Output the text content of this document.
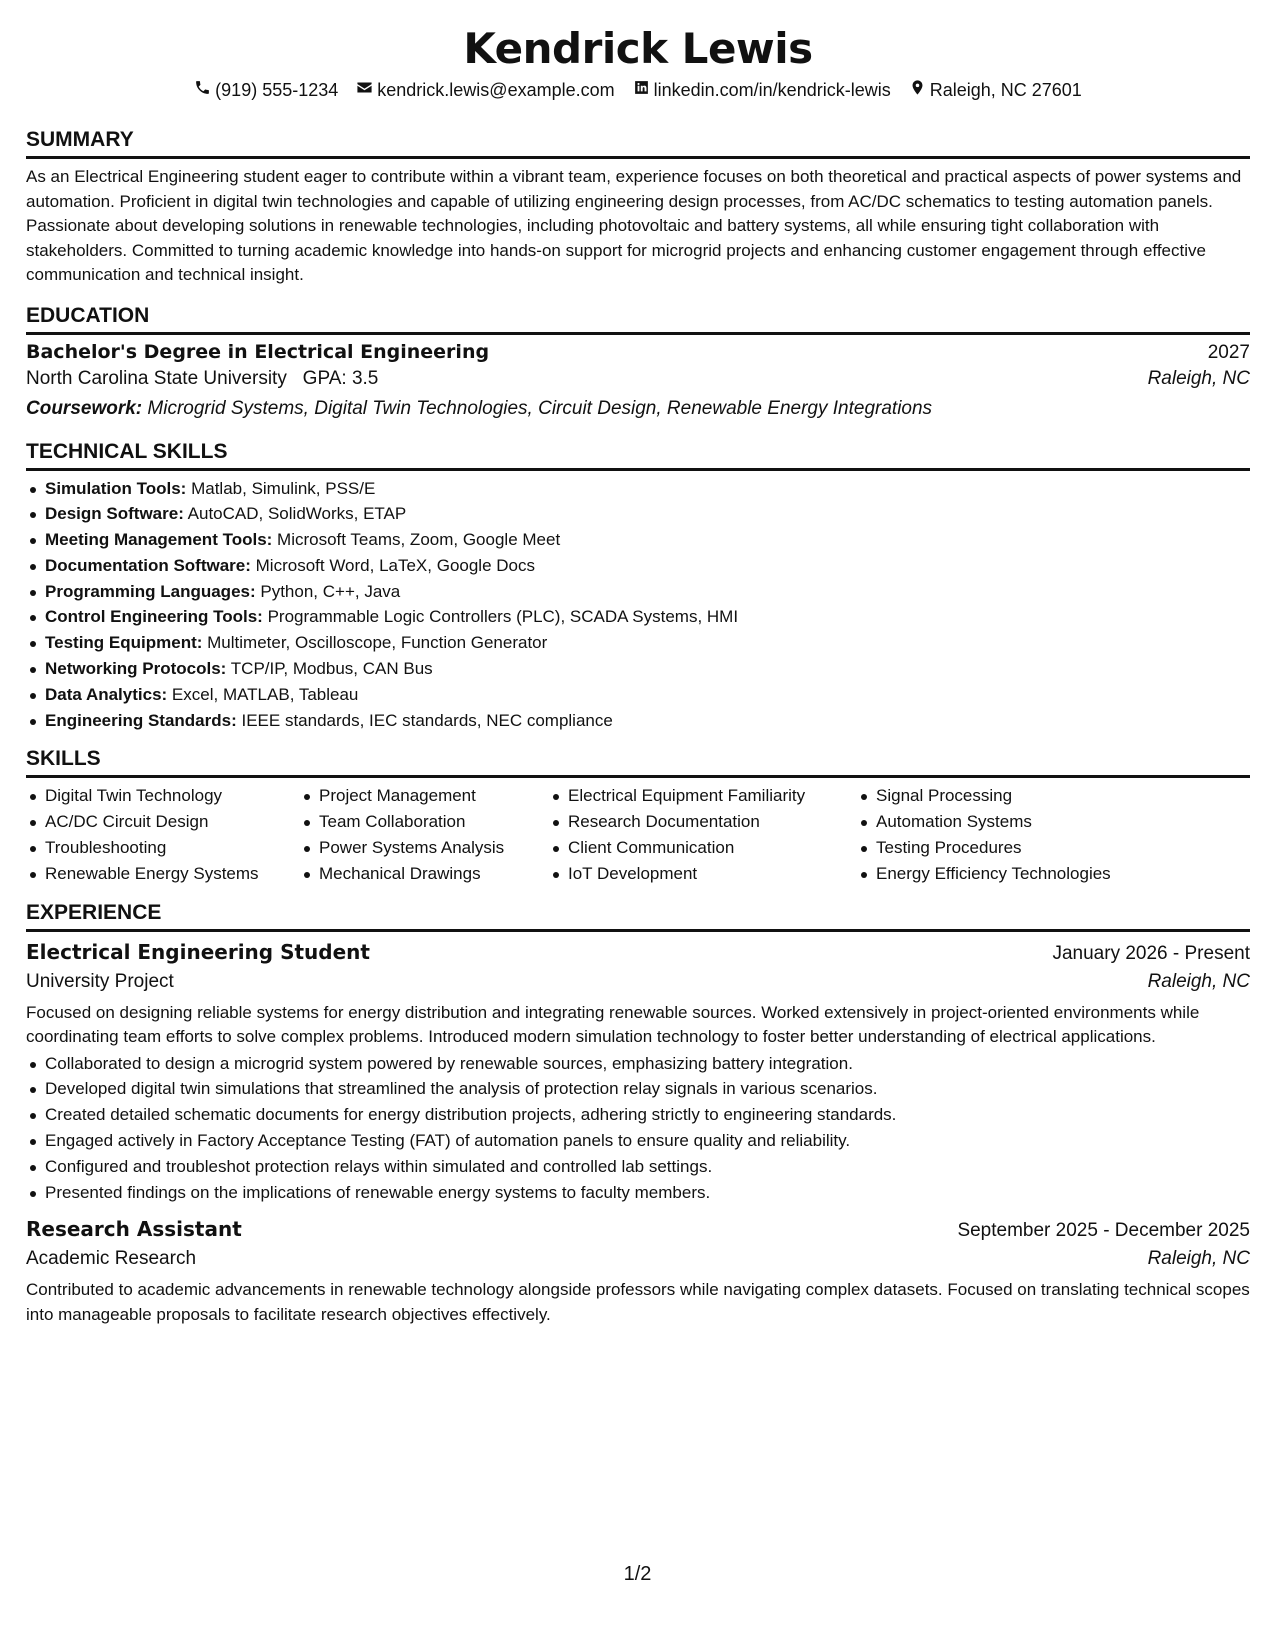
Kendrick Lewis
(919) 555-1234 kendrick.lewis@example.com linkedin.com/in/kendrick-lewis Raleigh, NC 27601
SUMMARY
As an Electrical Engineering student eager to contribute within a vibrant team, experience focuses on both theoretical and practical aspects of power systems and automation. Proficient in digital twin technologies and capable of utilizing engineering design processes, from AC/DC schematics to testing automation panels. Passionate about developing solutions in renewable technologies, including photovoltaic and battery systems, all while ensuring tight collaboration with stakeholders. Committed to turning academic knowledge into hands-on support for microgrid projects and enhancing customer engagement through effective communication and technical insight.
EDUCATION
Bachelor's Degree in Electrical Engineering	2027
North Carolina State University GPA: 3.5	Raleigh, NC
Coursework: Microgrid Systems, Digital Twin Technologies, Circuit Design, Renewable Energy Integrations
TECHNICAL SKILLS
Simulation Tools: Matlab, Simulink, PSS/E
Design Software: AutoCAD, SolidWorks, ETAP
Meeting Management Tools: Microsoft Teams, Zoom, Google Meet
Documentation Software: Microsoft Word, LaTeX, Google Docs
Programming Languages: Python, C++, Java
Control Engineering Tools: Programmable Logic Controllers (PLC), SCADA Systems, HMI
Testing Equipment: Multimeter, Oscilloscope, Function Generator
Networking Protocols: TCP/IP, Modbus, CAN Bus
Data Analytics: Excel, MATLAB, Tableau
Engineering Standards: IEEE standards, IEC standards, NEC compliance
SKILLS
Digital Twin Technology
AC/DC Circuit Design
Troubleshooting
Renewable Energy Systems
Project Management
Team Collaboration
Power Systems Analysis
Mechanical Drawings
Electrical Equipment Familiarity
Research Documentation
Client Communication
IoT Development
Signal Processing
Automation Systems
Testing Procedures
Energy Efficiency Technologies
EXPERIENCE
Electrical Engineering Student	January 2026 - Present
University Project	Raleigh, NC
Focused on designing reliable systems for energy distribution and integrating renewable sources. Worked extensively in project-oriented environments while coordinating team efforts to solve complex problems. Introduced modern simulation technology to foster better understanding of electrical applications.
Collaborated to design a microgrid system powered by renewable sources, emphasizing battery integration.
Developed digital twin simulations that streamlined the analysis of protection relay signals in various scenarios.
Created detailed schematic documents for energy distribution projects, adhering strictly to engineering standards.
Engaged actively in Factory Acceptance Testing (FAT) of automation panels to ensure quality and reliability.
Configured and troubleshot protection relays within simulated and controlled lab settings.
Presented findings on the implications of renewable energy systems to faculty members.
Research Assistant	September 2025 - December 2025
Academic Research	Raleigh, NC
Contributed to academic advancements in renewable technology alongside professors while navigating complex datasets. Focused on translating technical scopes into manageable proposals to facilitate research objectives effectively.
1/2
